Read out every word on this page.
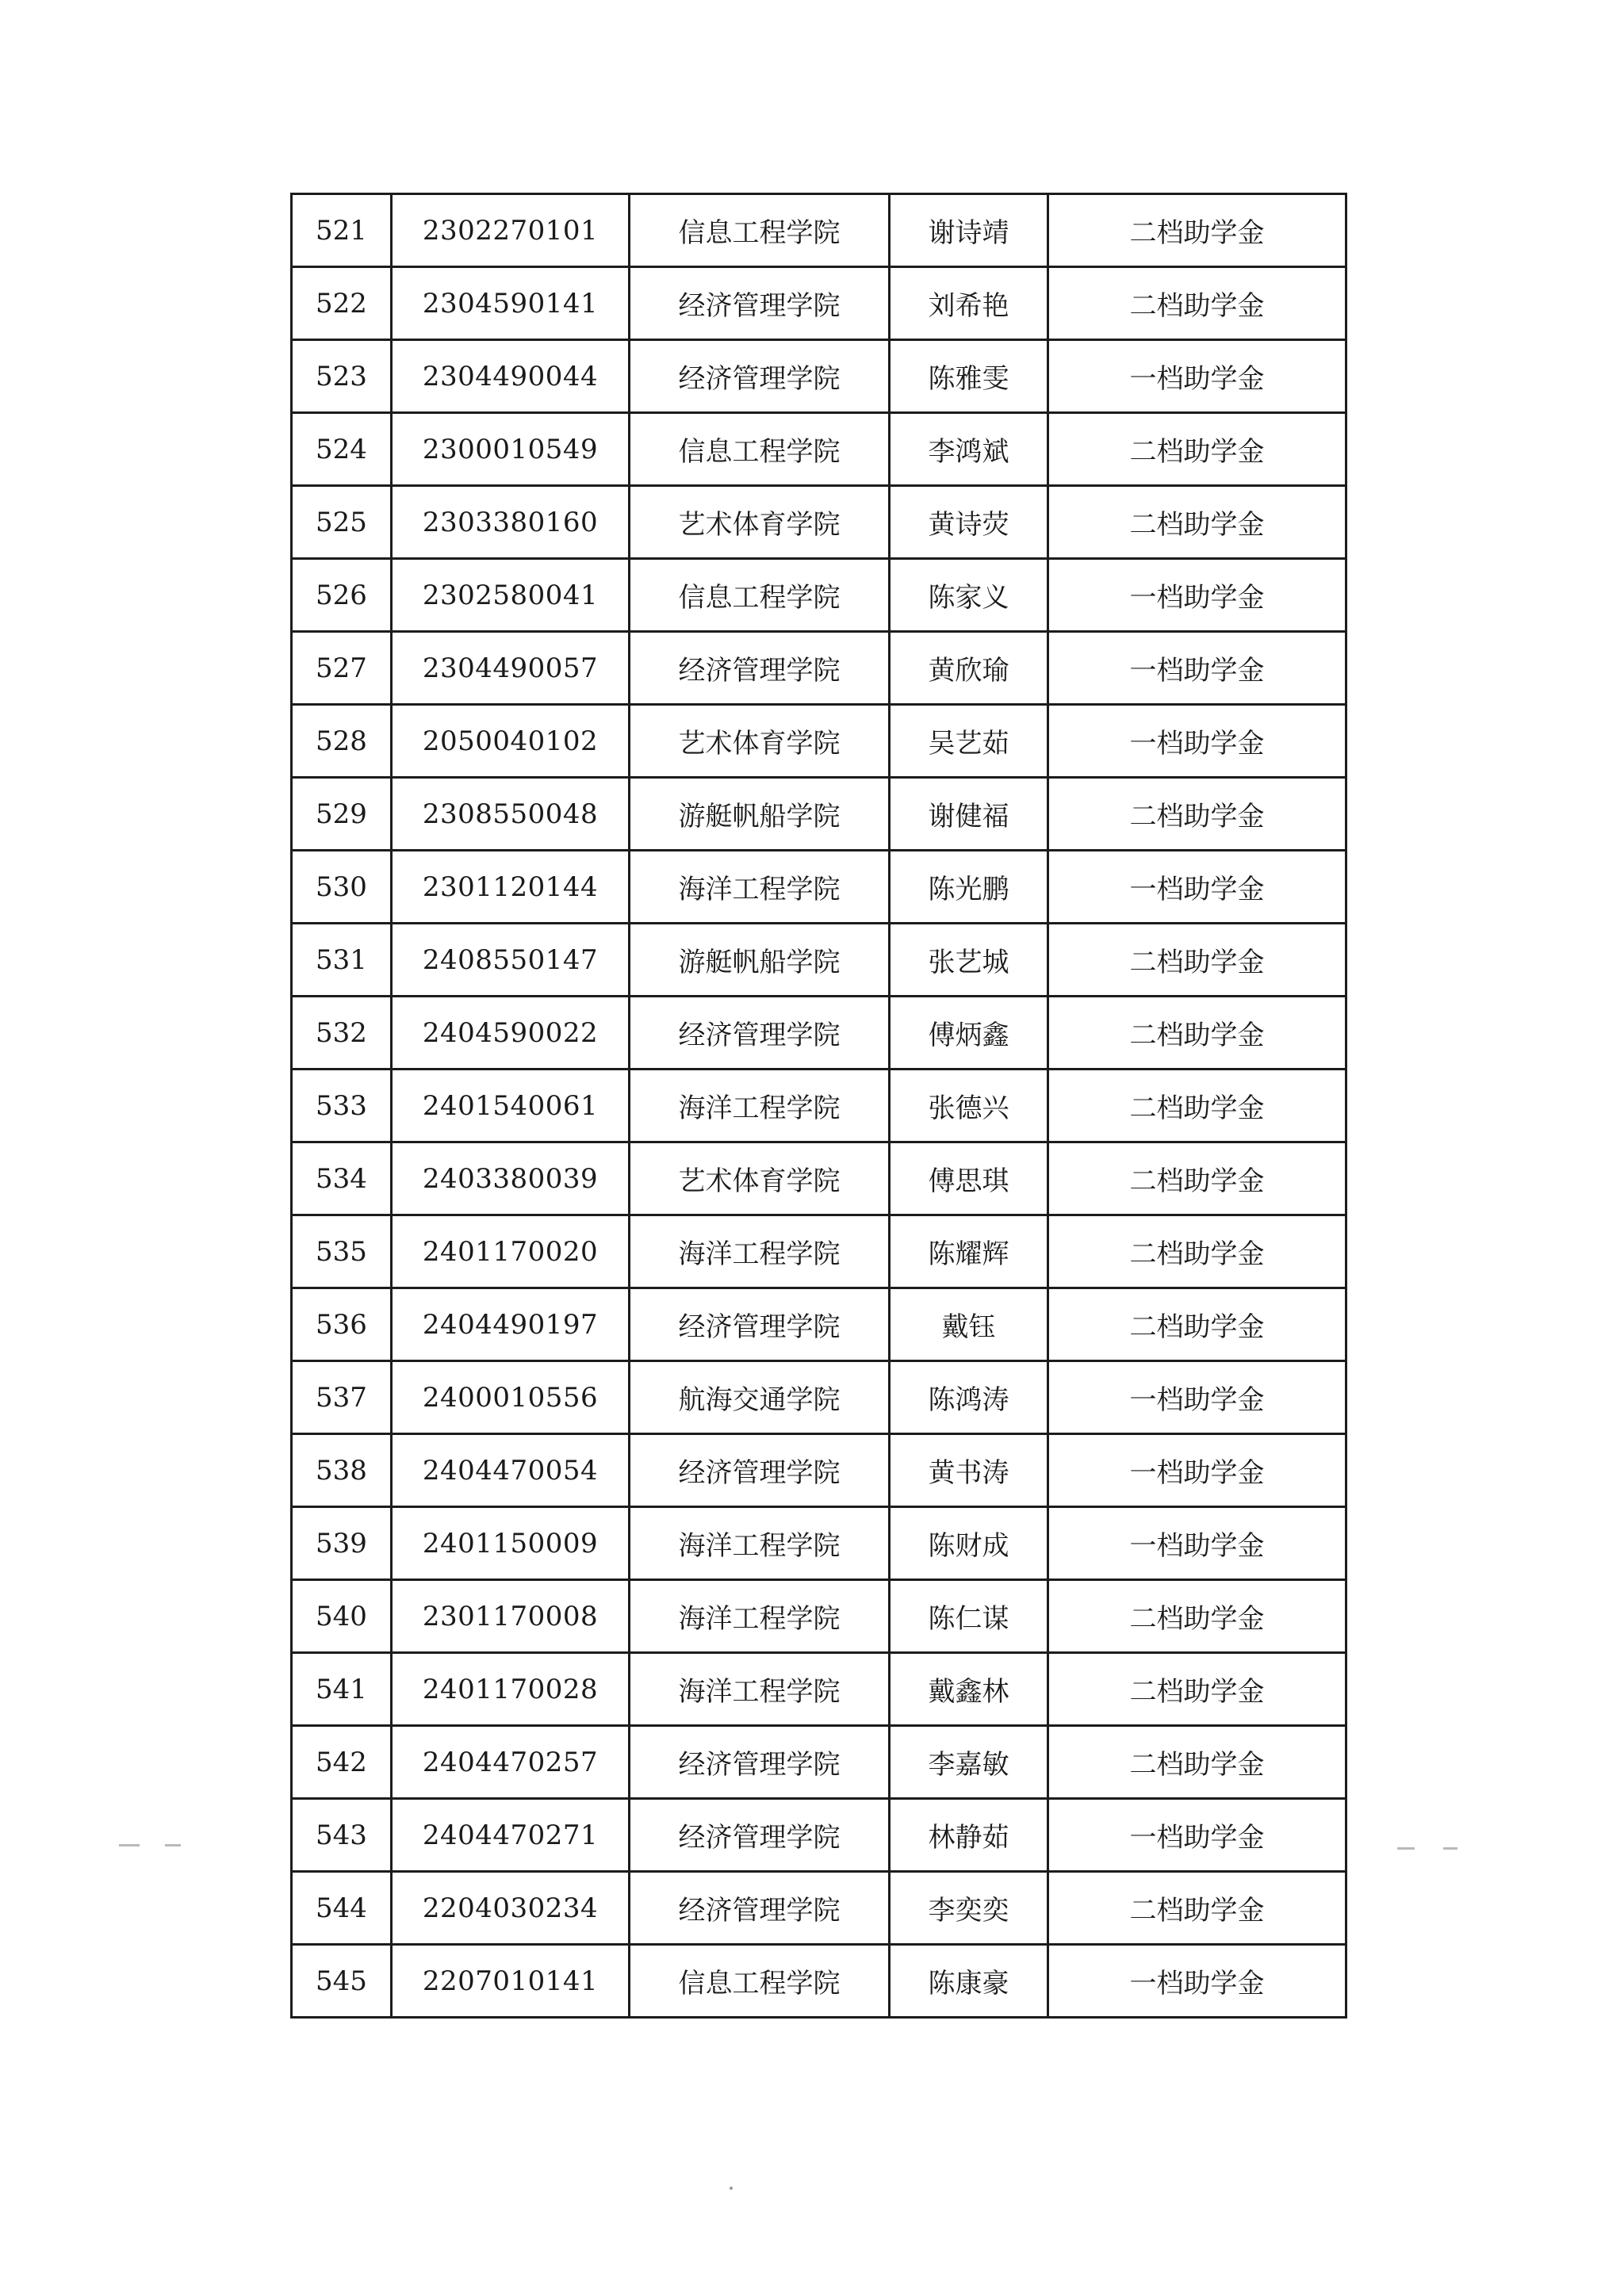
521	2302270101	信息工程学院	谢诗靖	二档助学金
522	2304590141	经济管理学院	刘希艳	二档助学金
523	2304490044	经济管理学院	陈雅雯	一档助学金
524	2300010549	信息工程学院	李鸿斌	二档助学金
525	2303380160	艺术体育学院	黄诗荧	二档助学金
526	2302580041	信息工程学院	陈家义	一档助学金
527	2304490057	经济管理学院	黄欣瑜	一档助学金
528	2050040102	艺术体育学院	吴艺茹	一档助学金
529	2308550048	游艇帆船学院	谢健福	二档助学金
530	2301120144	海洋工程学院	陈光鹏	一档助学金
531	2408550147	游艇帆船学院	张艺城	二档助学金
532	2404590022	经济管理学院	傅炳鑫	二档助学金
533	2401540061	海洋工程学院	张德兴	二档助学金
534	2403380039	艺术体育学院	傅思琪	二档助学金
535	2401170020	海洋工程学院	陈耀辉	二档助学金
536	2404490197	经济管理学院	戴钰	二档助学金
537	2400010556	航海交通学院	陈鸿涛	一档助学金
538	2404470054	经济管理学院	黄书涛	一档助学金
539	2401150009	海洋工程学院	陈财成	一档助学金
540	2301170008	海洋工程学院	陈仁谋	二档助学金
541	2401170028	海洋工程学院	戴鑫林	二档助学金
542	2404470257	经济管理学院	李嘉敏	二档助学金
543	2404470271	经济管理学院	林静茹	一档助学金
544	2204030234	经济管理学院	李奕奕	二档助学金
545	2207010141	信息工程学院	陈康豪	一档助学金
